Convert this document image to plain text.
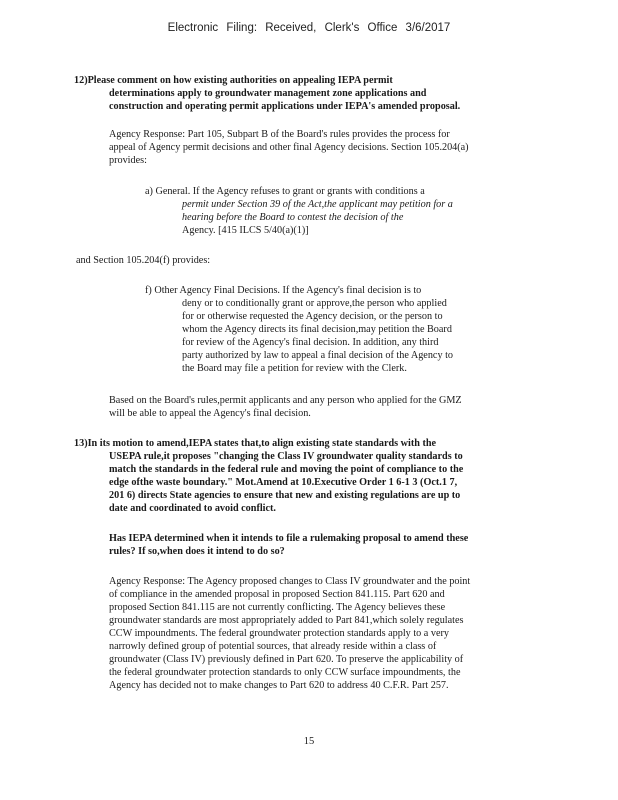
Electronic Filing: Received, Clerk's Office 3/6/2017
12)Please comment on how existing authorities on appealing IEPA permit
determinations apply to groundwater management zone applications and
construction and operating permit applications under IEPA's amended proposal.
Agency Response: Part 105, Subpart B of the Board's rules provides the process for
appeal of Agency permit decisions and other final Agency decisions. Section 105.204(a)
provides:
a) General. If the Agency refuses to grant or grants with conditions a
permit under Section 39 of the Act,the applicant may petition for a
hearing before the Board to contest the decision of the
Agency. [415 ILCS 5/40(a)(1)]
and Section 105.204(f) provides:
f) Other Agency Final Decisions. If the Agency's final decision is to
deny or to conditionally grant or approve,the person who applied
for or otherwise requested the Agency decision, or the person to
whom the Agency directs its final decision,may petition the Board
for review of the Agency's final decision. In addition, any third
party authorized by law to appeal a final decision of the Agency to
the Board may file a petition for review with the Clerk.
Based on the Board's rules,permit applicants and any person who applied for the GMZ
will be able to appeal the Agency's final decision.
13)In its motion to amend,IEPA states that,to align existing state standards with the
USEPA rule,it proposes "changing the Class IV groundwater quality standards to
match the standards in the federal rule and moving the point of compliance to the
edge ofthe waste boundary." Mot.Amend at 10.Executive Order 1 6-1 3 (Oct.1 7,
201 6) directs State agencies to ensure that new and existing regulations are up to
date and coordinated to avoid conflict.
Has IEPA determined when it intends to file a rulemaking proposal to amend these
rules? If so,when does it intend to do so?
Agency Response: The Agency proposed changes to Class IV groundwater and the point
of compliance in the amended proposal in proposed Section 841.115. Part 620 and
proposed Section 841.115 are not currently conflicting. The Agency believes these
groundwater standards are most appropriately added to Part 841,which solely regulates
CCW impoundments. The federal groundwater protection standards apply to a very
narrowly defined group of potential sources, that already reside within a class of
groundwater (Class IV) previously defined in Part 620. To preserve the applicability of
the federal groundwater protection standards to only CCW surface impoundments, the
Agency has decided not to make changes to Part 620 to address 40 C.F.R. Part 257.
15
